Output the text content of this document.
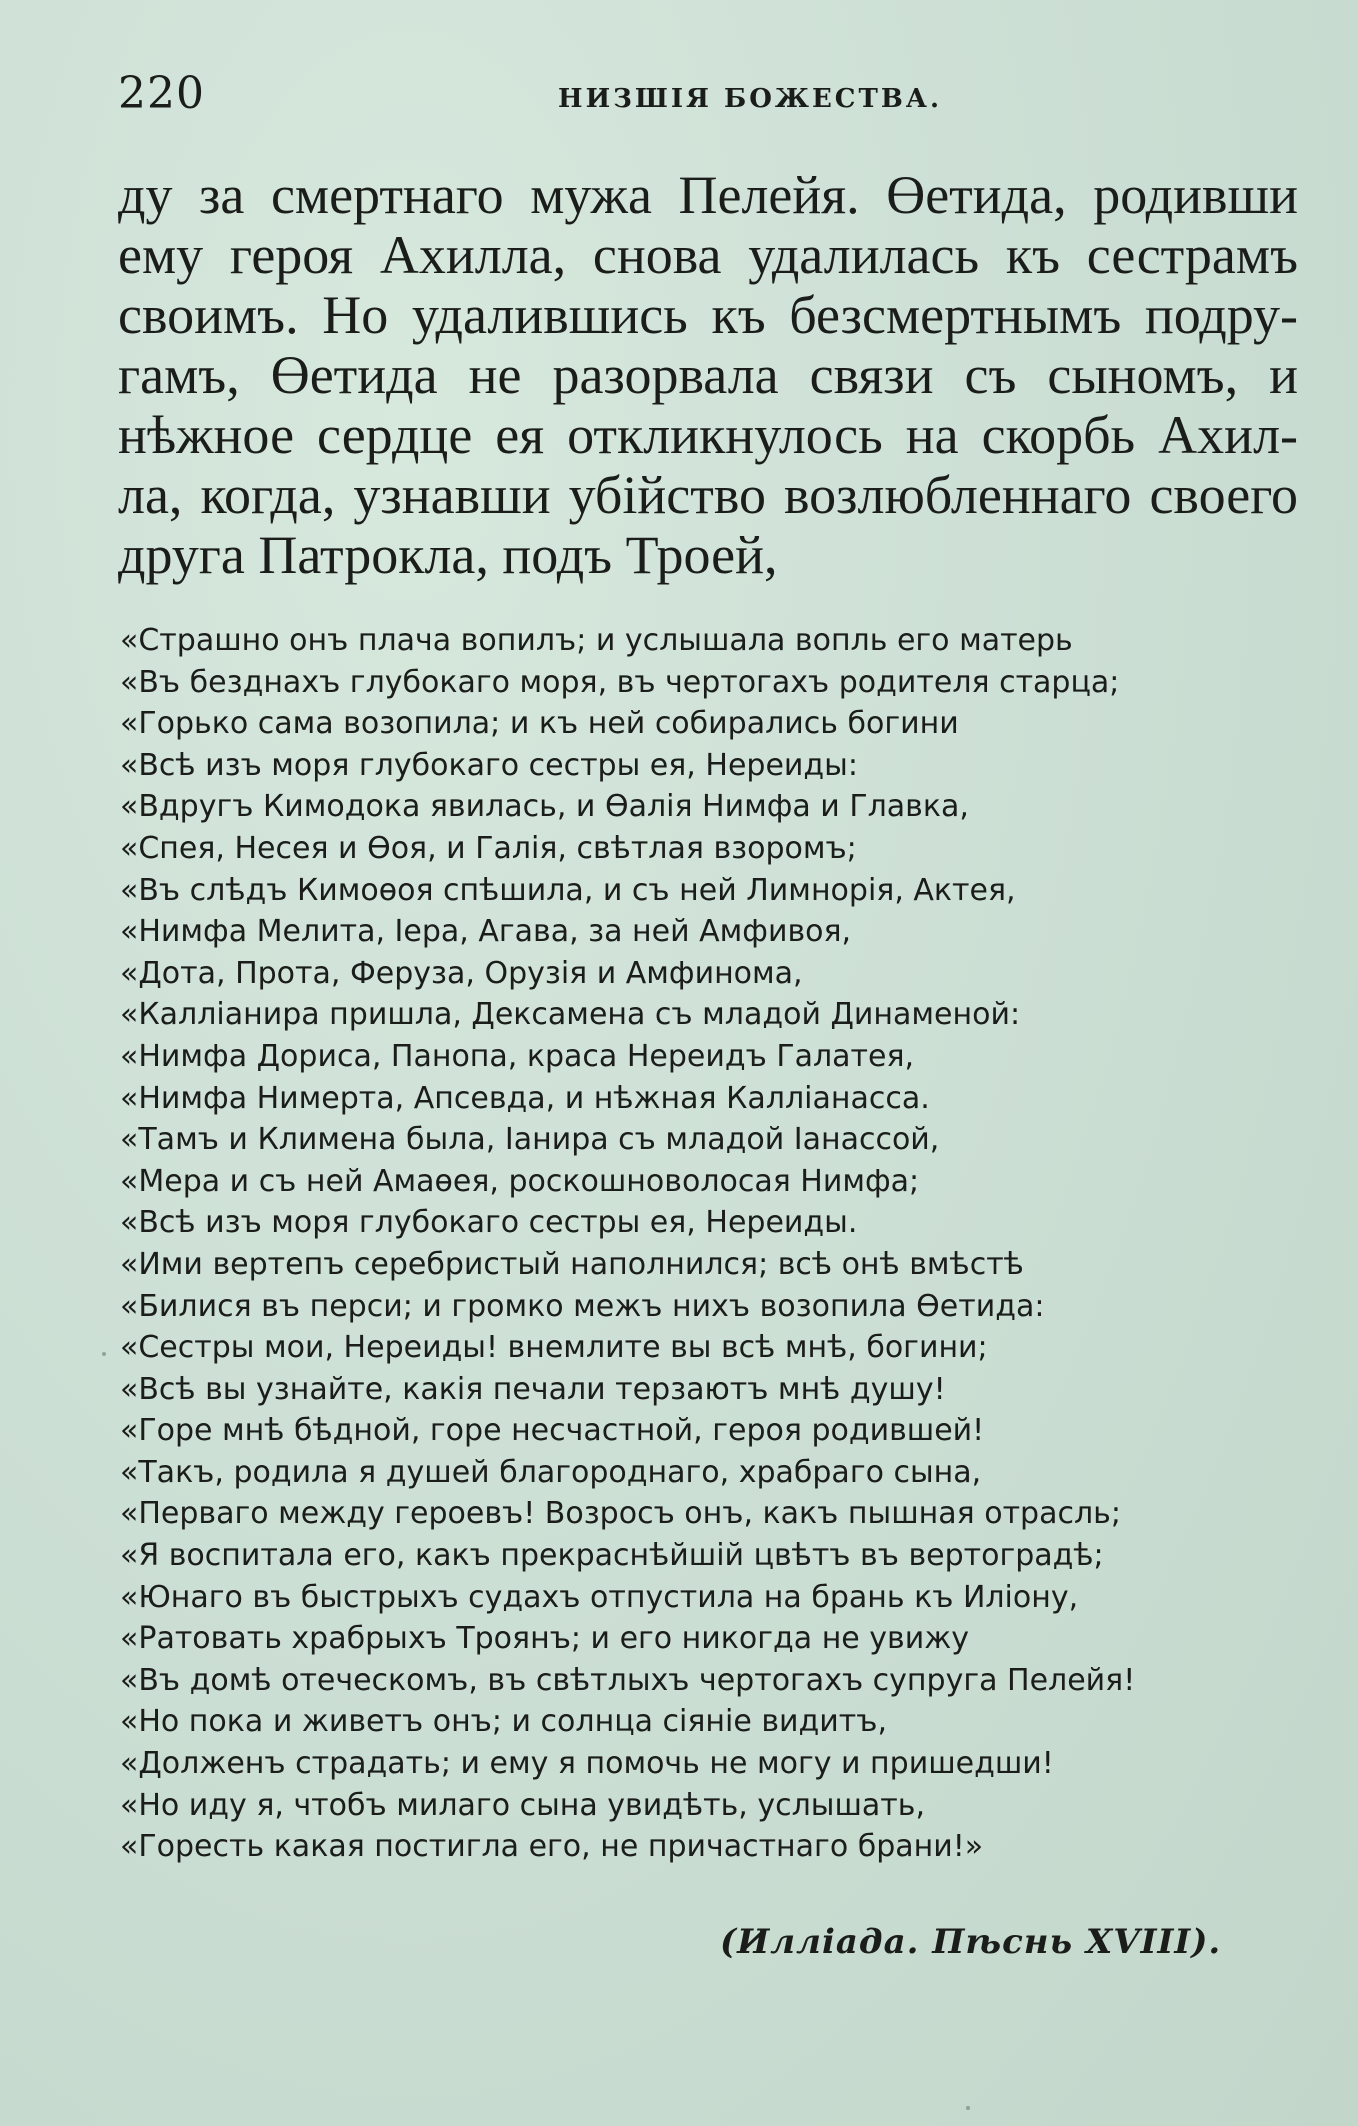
220	НИЗШІЯ БОЖЕСТВА.
ду за смертнаго мужа Пелейя. Өетида, родивши
ему героя Ахилла, снова удалилась къ сестрамъ
своимъ. Но удалившись къ безсмертнымъ подру-
гамъ, Өетида не разорвала связи съ сыномъ, и
нѣжное сердце ея откликнулось на скорбь Ахил-
ла, когда, узнавши убійство возлюбленнаго своего
друга Патрокла, подъ Троей,
«Страшно онъ плача вопилъ; и услышала вопль его матерь
«Въ безднахъ глубокаго моря, въ чертогахъ родителя старца;
«Горько сама возопила; и къ ней собирались богини
«Всѣ изъ моря глубокаго сестры ея, Нереиды:
«Вдругъ Кимодока явилась, и Өалія Нимфа и Главка,
«Спея, Несея и Өоя, и Галія, свѣтлая взоромъ;
«Въ слѣдъ Кимоөоя спѣшила, и съ ней Лимнорія, Актея,
«Нимфа Мелита, Іера, Агава, за ней Амфивоя,
«Дота, Прота, Феруза, Орузія и Амфинома,
«Калліанира пришла, Дексамена съ младой Динаменой:
«Нимфа Дориса, Панопа, краса Нереидъ Галатея,
«Нимфа Нимерта, Апсевда, и нѣжная Калліанасса.
«Тамъ и Климена была, Іанира съ младой Іанассой,
«Мера и съ ней Амаөея, роскошноволосая Нимфа;
«Всѣ изъ моря глубокаго сестры ея, Нереиды.
«Ими вертепъ серебристый наполнился; всѣ онѣ вмѣстѣ
«Билися въ перси; и громко межъ нихъ возопила Өетида:
«Сестры мои, Нереиды! внемлите вы всѣ мнѣ, богини;
«Всѣ вы узнайте, какія печали терзаютъ мнѣ душу!
«Горе мнѣ бѣдной, горе несчастной, героя родившей!
«Такъ, родила я душей благороднаго, храбраго сына,
«Перваго между героевъ! Возросъ онъ, какъ пышная отрасль;
«Я воспитала его, какъ прекраснѣйшій цвѣтъ въ вертоградѣ;
«Юнаго въ быстрыхъ судахъ отпустила на брань къ Иліону,
«Ратовать храбрыхъ Троянъ; и его никогда не увижу
«Въ домѣ отеческомъ, въ свѣтлыхъ чертогахъ супруга Пелейя!
«Но пока и живетъ онъ; и солнца сіяніе видитъ,
«Долженъ страдать; и ему я помочь не могу и пришедши!
«Но иду я, чтобъ милаго сына увидѣть, услышать,
«Горесть какая постигла его, не причастнаго брани!»
(Илліада. Пѣснь XVIII).
